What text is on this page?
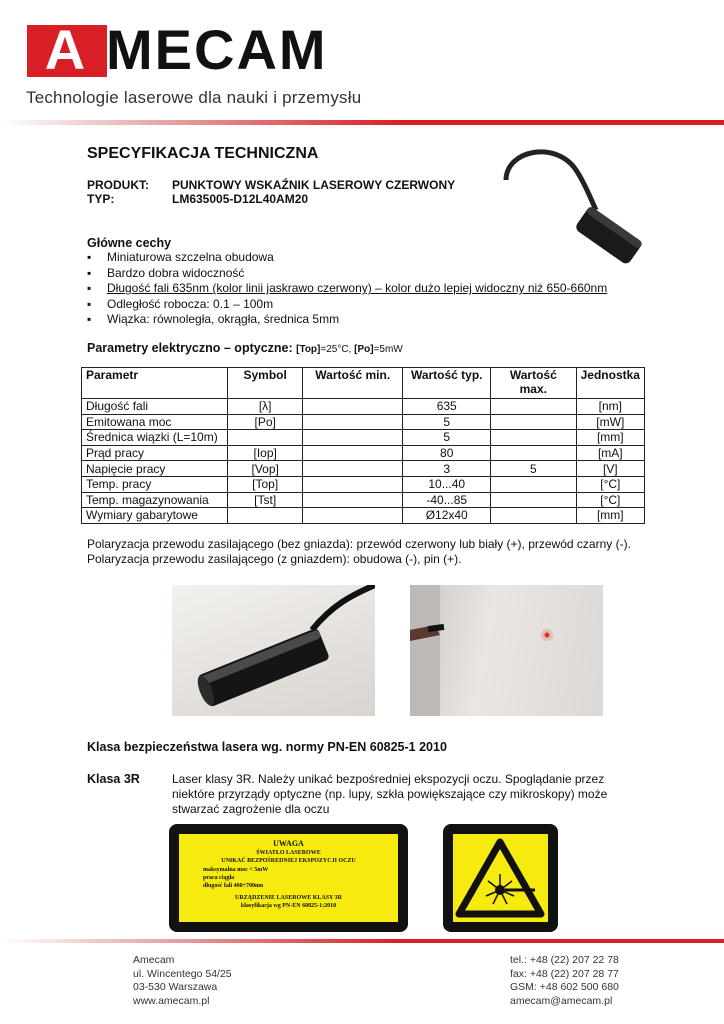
A MECAM
Technologie laserowe dla nauki i przemysłu
SPECYFIKACJA TECHNICZNA
PRODUKT: PUNKTOWY WSKAŹNIK LASEROWY CZERWONY
TYP:	LM635005-D12L40AM20
Główne cechy
▪ Miniaturowa szczelna obudowa
▪ Bardzo dobra widoczność
▪ Długość fali 635nm (kolor linii jaskrawo czerwony) – kolor dużo lepiej widoczny niż 650-660nm
▪ Odległość robocza: 0.1 – 100m
▪ Wiązka: równoległa, okrągła, średnica 5mm
Parametry elektryczno – optyczne: [Top]=25°C, [Po]=5mW
Parametr	Symbol	Wartość min.	Wartość typ.	Wartość max.	Jednostka
Długość fali	[λ]		635		[nm]
Emitowana moc	[Po]		5		[mW]
Średnica wiązki (L=10m)			5		[mm]
Prąd pracy	[Iop]		80		[mA]
Napięcie pracy	[Vop]		3	5	[V]
Temp. pracy	[Top]		10...40		[°C]
Temp. magazynowania	[Tst]		-40...85		[°C]
Wymiary gabarytowe			Ø12x40		[mm]
Polaryzacja przewodu zasilającego (bez gniazda): przewód czerwony lub biały (+), przewód czarny (-).
Polaryzacja przewodu zasilającego (z gniazdem): obudowa (-), pin (+).
Klasa bezpieczeństwa lasera wg. normy PN-EN 60825-1 2010
Klasa 3R	Laser klasy 3R. Należy unikać bezpośredniej ekspozycji oczu. Spoglądanie przez niektóre przyrządy optyczne (np. lupy, szkła powiększające czy mikroskopy) może stwarzać zagrożenie dla oczu
UWAGA
ŚWIATŁO LASEROWE
UNIKAĆ BEZPOŚREDNIEJ EKSPOZYCJI OCZU
maksymalna moc < 5mW
praca ciągła
długość fali 400÷700nm
URZĄDZENIE LASEROWE KLASY 3R
klasyfikacja wg PN-EN 60825-1:2010
Amecam
ul. Wincentego 54/25
03-530 Warszawa
www.amecam.pl
tel.: +48 (22) 207 22 78
fax: +48 (22) 207 28 77
GSM: +48 602 500 680
amecam@amecam.pl
